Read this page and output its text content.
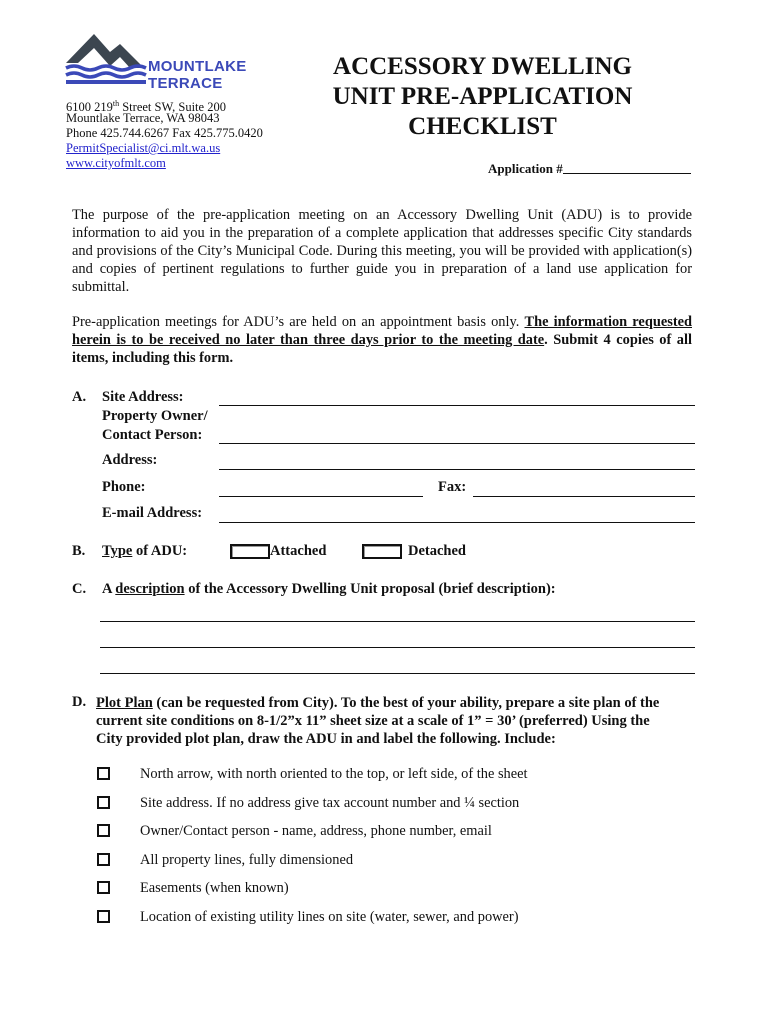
MOUNTLAKE
TERRACE
6100 219th Street SW, Suite 200
Mountlake Terrace, WA 98043
Phone 425.744.6267 Fax 425.775.0420
PermitSpecialist@ci.mlt.wa.us
www.cityofmlt.com
ACCESSORY DWELLING
UNIT PRE-APPLICATION
CHECKLIST
Application #
The purpose of the pre-application meeting on an Accessory Dwelling Unit (ADU) is to provide information to aid you in the preparation of a complete application that addresses specific City standards and provisions of the City’s Municipal Code. During this meeting, you will be provided with application(s) and copies of pertinent regulations to further guide you in preparation of a land use application for submittal.
Pre-application meetings for ADU’s are held on an appointment basis only. The information requested herein is to be received no later than three days prior to the meeting date. Submit 4 copies of all items, including this form.
A. Site Address:
Property Owner/
Contact Person:
Address:
Phone:	Fax:
E-mail Address:
B. Type of ADU:	Attached	Detached
C. A description of the Accessory Dwelling Unit proposal (brief description):
D. Plot Plan (can be requested from City). To the best of your ability, prepare a site plan of the
current site conditions on 8-1/2”x 11” sheet size at a scale of 1” = 30’ (preferred) Using the
City provided plot plan, draw the ADU in and label the following. Include:
North arrow, with north oriented to the top, or left side, of the sheet
Site address. If no address give tax account number and ¼ section
Owner/Contact person - name, address, phone number, email
All property lines, fully dimensioned
Easements (when known)
Location of existing utility lines on site (water, sewer, and power)
